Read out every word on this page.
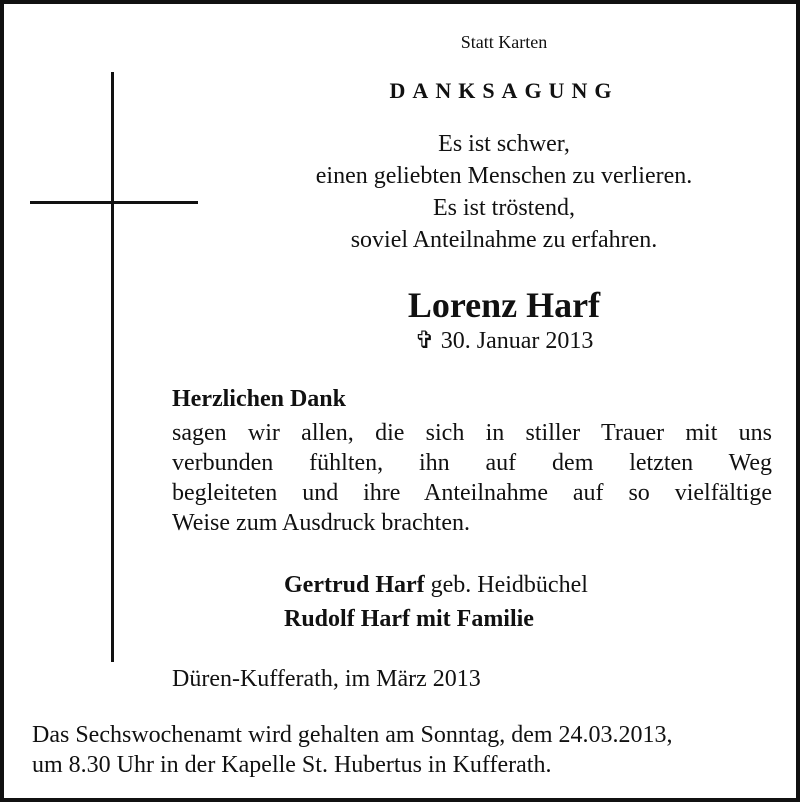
Statt Karten
DANKSAGUNG
Es ist schwer,
einen geliebten Menschen zu verlieren.
Es ist tröstend,
soviel Anteilnahme zu erfahren.
Lorenz Harf
✞ 30. Januar 2013
Herzlichen Dank
sagen wir allen, die sich in stiller Trauer mit uns
verbunden fühlten, ihn auf dem letzten Weg
begleiteten und ihre Anteilnahme auf so vielfältige
Weise zum Ausdruck brachten.
Gertrud Harf geb. Heidbüchel
Rudolf Harf mit Familie
Düren-Kufferath, im März 2013
Das Sechswochenamt wird gehalten am Sonntag, dem 24.03.2013,
um 8.30 Uhr in der Kapelle St. Hubertus in Kufferath.
